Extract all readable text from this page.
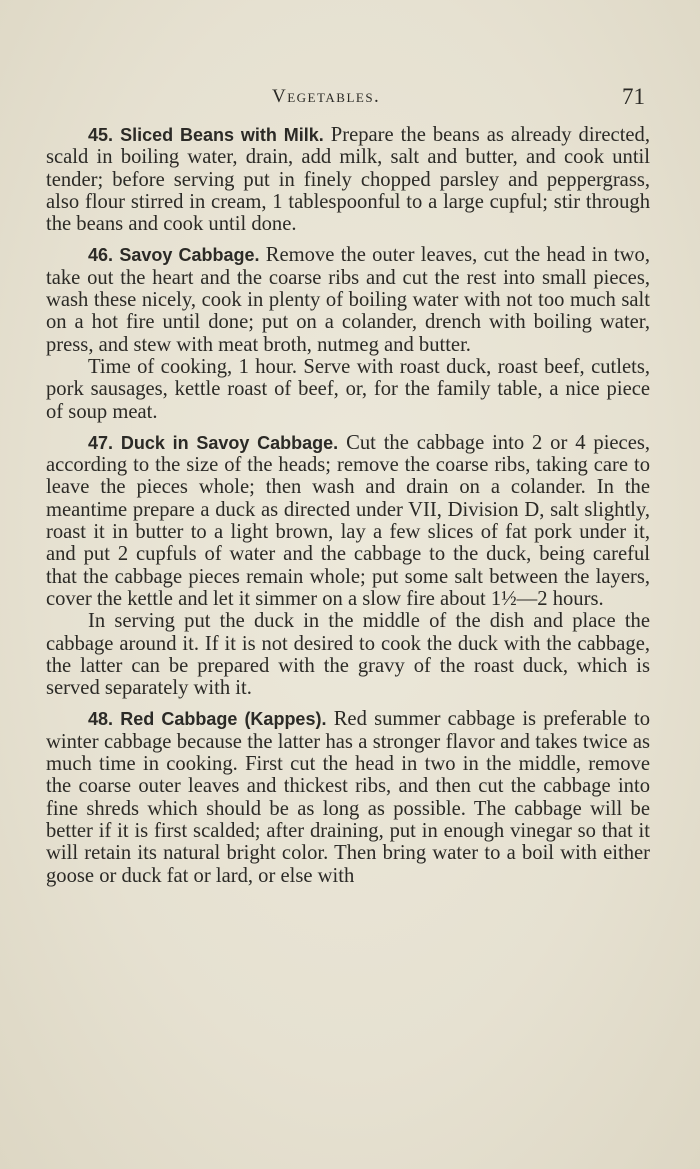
Vegetables.	71

45. Sliced Beans with Milk. Prepare the beans as already directed, scald in boiling water, drain, add milk, salt and butter, and cook until tender; before serving put in finely chopped parsley and peppergrass, also flour stirred in cream, 1 tablespoonful to a large cupful; stir through the beans and cook until done.

46. Savoy Cabbage. Remove the outer leaves, cut the head in two, take out the heart and the coarse ribs and cut the rest into small pieces, wash these nicely, cook in plenty of boiling water with not too much salt on a hot fire until done; put on a colander, drench with boiling water, press, and stew with meat broth, nutmeg and butter.

Time of cooking, 1 hour. Serve with roast duck, roast beef, cutlets, pork sausages, kettle roast of beef, or, for the family table, a nice piece of soup meat.

47. Duck in Savoy Cabbage. Cut the cabbage into 2 or 4 pieces, according to the size of the heads; remove the coarse ribs, taking care to leave the pieces whole; then wash and drain on a colander. In the meantime prepare a duck as directed under VII, Division D, salt slightly, roast it in butter to a light brown, lay a few slices of fat pork under it, and put 2 cupfuls of water and the cabbage to the duck, being careful that the cabbage pieces remain whole; put some salt between the layers, cover the kettle and let it simmer on a slow fire about 1½—2 hours.

In serving put the duck in the middle of the dish and place the cabbage around it. If it is not desired to cook the duck with the cabbage, the latter can be prepared with the gravy of the roast duck, which is served separately with it.

48. Red Cabbage (Kappes). Red summer cabbage is preferable to winter cabbage because the latter has a stronger flavor and takes twice as much time in cooking. First cut the head in two in the middle, remove the coarse outer leaves and thickest ribs, and then cut the cabbage into fine shreds which should be as long as possible. The cabbage will be better if it is first scalded; after draining, put in enough vinegar so that it will retain its natural bright color. Then bring water to a boil with either goose or duck fat or lard, or else with
